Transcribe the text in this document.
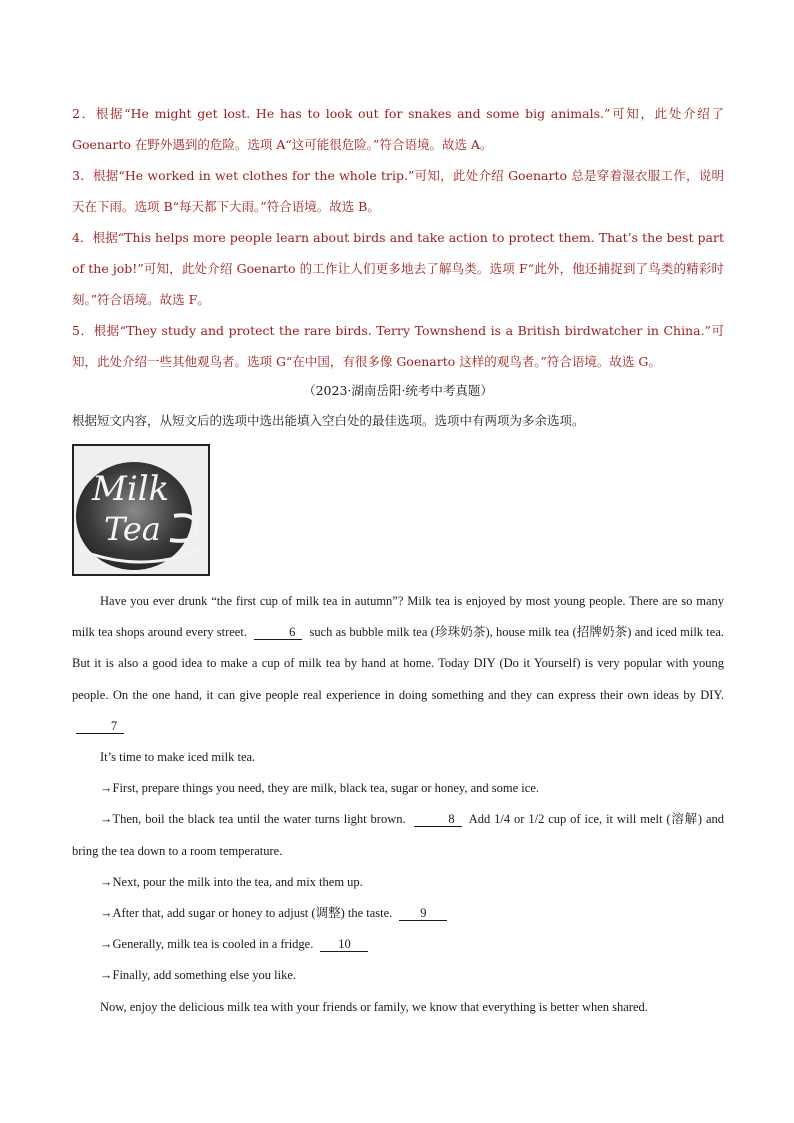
2．根据“He might get lost. He has to look out for snakes and some big animals.”可知，此处介绍了 Goenarto 在野外遇到的危险。选项 A“这可能很危险。”符合语境。故选 A。

3．根据“He worked in wet clothes for the whole trip.”可知，此处介绍 Goenarto 总是穿着湿衣服工作，说明天在下雨。选项 B“每天都下大雨。”符合语境。故选 B。

4．根据“This helps more people learn about birds and take action to protect them. That’s the best part of the job!”可知，此处介绍 Goenarto 的工作让人们更多地去了解鸟类。选项 F“此外，他还捕捉到了鸟类的精彩时刻。”符合语境。故选 F。

5．根据“They study and protect the rare birds. Terry Townshend is a British birdwatcher in China.”可知，此处介绍一些其他观鸟者。选项 G“在中国，有很多像 Goenarto 这样的观鸟者。”符合语境。故选 G。

（2023·湖南岳阳·统考中考真题）
根据短文内容，从短文后的选项中选出能填入空白处的最佳选项。选项中有两项为多余选项。
Milk
Tea

Have you ever drunk “the first cup of milk tea in autumn”? Milk tea is enjoyed by most young people. There are so many milk tea shops around every street.	6 such as bubble milk tea (珍珠奶茶), house milk tea (招牌奶茶) and iced milk tea. But it is also a good idea to make a cup of milk tea by hand at home. Today DIY (Do it Yourself) is very popular with young people. On the one hand, it can give people real experience in doing something and they can express their own ideas by DIY. 7

It’s time to make iced milk tea.

→First, prepare things you need, they are milk, black tea, sugar or honey, and some ice.

→Then, boil the black tea until the water turns light brown.	8 Add 1/4 or 1/2 cup of ice, it will melt (溶解) and bring the tea down to a room temperature.

→Next, pour the milk into the tea, and mix them up.

→After that, add sugar or honey to adjust (调整) the taste. 9

→Generally, milk tea is cooled in a fridge. 10

→Finally, add something else you like.

Now, enjoy the delicious milk tea with your friends or family, we know that everything is better when shared.
